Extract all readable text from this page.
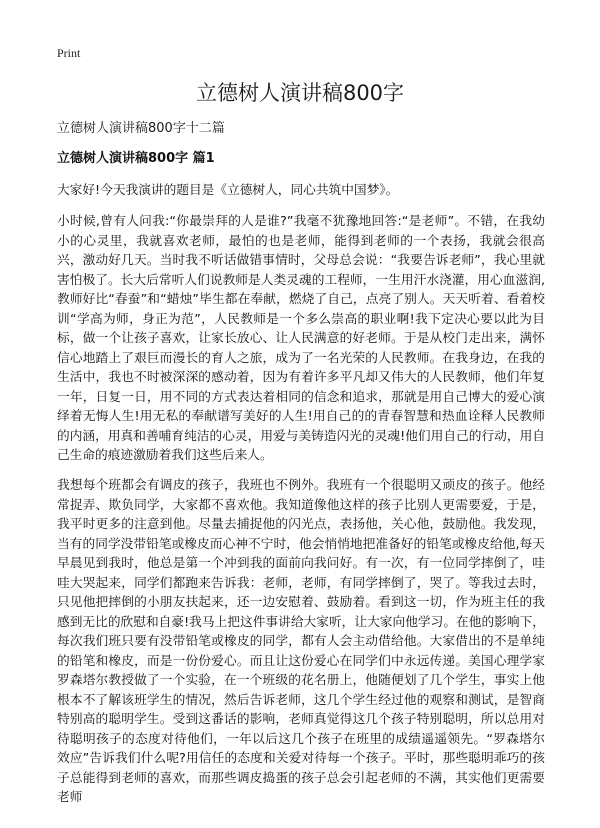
Print
立德树人演讲稿800字
立德树人演讲稿800字十二篇
立德树人演讲稿800字 篇1

大家好!今天我演讲的题目是《立德树人，同心共筑中国梦》。

小时候,曾有人问我:“你最崇拜的人是谁?”我毫不犹豫地回答:“是老师”。不错，在我幼小的心灵里，我就喜欢老师，最怕的也是老师，能得到老师的一个表扬，我就会很高兴，激动好几天。当时我不听话做错事情时，父母总会说：“我要告诉老师”，我心里就害怕极了。长大后常听人们说教师是人类灵魂的工程师，一生用汗水浇灌，用心血滋润,教师好比“春蚕”和“蜡烛”毕生都在奉献，燃烧了自己，点亮了别人。天天听着、看着校训“学高为师，身正为范”，人民教师是一个多么崇高的职业啊!我下定决心要以此为目标，做一个让孩子喜欢，让家长放心、让人民满意的好老师。于是从校门走出来，满怀信心地踏上了艰巨而漫长的育人之旅，成为了一名光荣的人民教师。在我身边，在我的生活中，我也不时被深深的感动着，因为有着许多平凡却又伟大的人民教师，他们年复一年，日复一日，用不同的方式表达着相同的信念和追求，那就是用自己博大的爱心演绎着无悔人生!用无私的奉献谱写美好的人生!用自己的的青春智慧和热血诠释人民教师的内涵，用真和善哺育纯洁的心灵，用爱与美铸造闪光的灵魂!他们用自己的行动，用自己生命的痕迹激励着我们这些后来人。

我想每个班都会有调皮的孩子，我班也不例外。我班有一个很聪明又顽皮的孩子。他经常捉弄、欺负同学，大家都不喜欢他。我知道像他这样的孩子比别人更需要爱，于是，我平时更多的注意到他。尽量去捕捉他的闪光点，表扬他，关心他，鼓励他。我发现，当有的同学没带铅笔或橡皮而心神不宁时，他会悄悄地把准备好的铅笔或橡皮给他,每天早晨见到我时，他总是第一个冲到我的面前向我问好。有一次，有一位同学摔倒了，哇哇大哭起来，同学们都跑来告诉我：老师，老师，有同学摔倒了，哭了。等我过去时，只见他把摔倒的小朋友扶起来，还一边安慰着、鼓励着。看到这一切，作为班主任的我感到无比的欣慰和自豪!我马上把这件事讲给大家听，让大家向他学习。在他的影响下，每次我们班只要有没带铅笔或橡皮的同学，都有人会主动借给他。大家借出的不是单纯的铅笔和橡皮，而是一份份爱心。而且让这份爱心在同学们中永远传递。美国心理学家罗森塔尔教授做了一个实验，在一个班级的花名册上，他随便划了几个学生，事实上他根本不了解该班学生的情况，然后告诉老师，这几个学生经过他的观察和测试，是智商特别高的聪明学生。受到这番话的影响，老师真觉得这几个孩子特别聪明，所以总用对待聪明孩子的态度对待他们，一年以后这几个孩子在班里的成绩遥遥领先。“罗森塔尔效应”告诉我们什么呢?用信任的态度和关爱对待每一个孩子。平时，那些聪明乖巧的孩子总能得到老师的喜欢，而那些调皮捣蛋的孩子总会引起老师的不满，其实他们更需要老师
